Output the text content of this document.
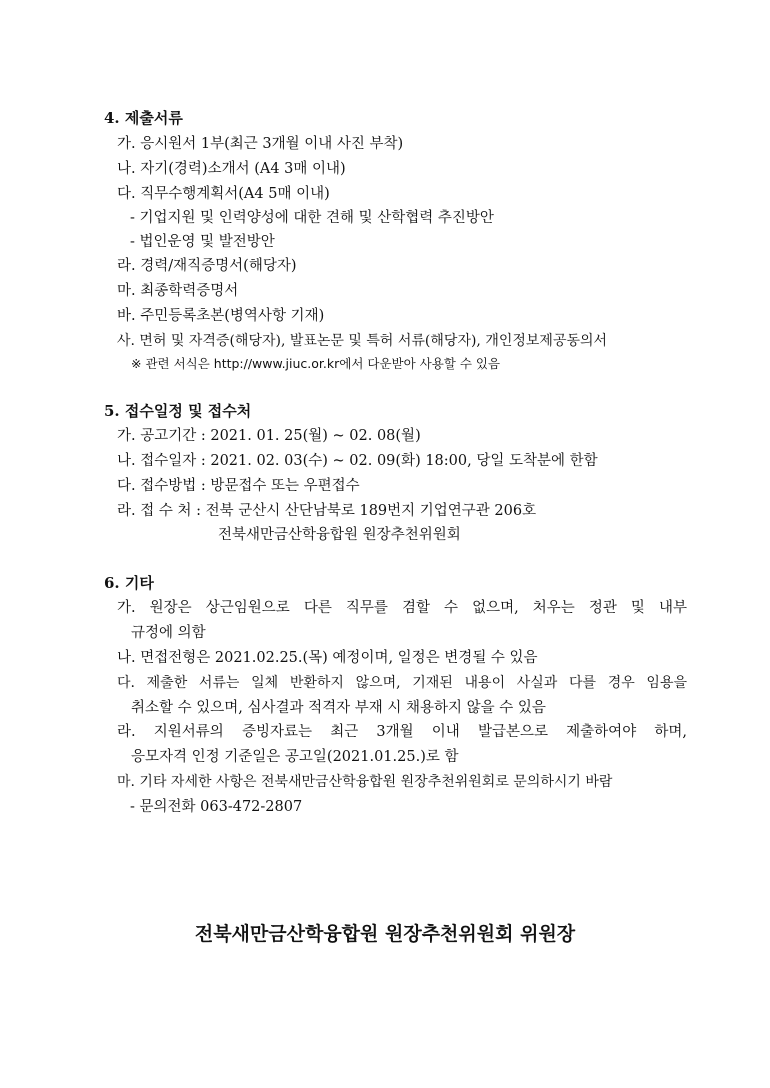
4. 제출서류
가. 응시원서 1부(최근 3개월 이내 사진 부착)
나. 자기(경력)소개서 (A4 3매 이내)
다. 직무수행계획서(A4 5매 이내)
- 기업지원 및 인력양성에 대한 견해 및 산학협력 추진방안
- 법인운영 및 발전방안
라. 경력/재직증명서(해당자)
마. 최종학력증명서
바. 주민등록초본(병역사항 기재)
사. 면허 및 자격증(해당자), 발표논문 및 특허 서류(해당자), 개인정보제공동의서
※ 관련 서식은 http://www.jiuc.or.kr에서 다운받아 사용할 수 있음
5. 접수일정 및 접수처
가. 공고기간 : 2021. 01. 25(월) ~ 02. 08(월)
나. 접수일자 : 2021. 02. 03(수) ~ 02. 09(화) 18:00, 당일 도착분에 한함
다. 접수방법 : 방문접수 또는 우편접수
라. 접 수 처 : 전북 군산시 산단남북로 189번지 기업연구관 206호
전북새만금산학융합원 원장추천위원회
6. 기타
가. 원장은 상근임원으로 다른 직무를 겸할 수 없으며, 처우는 정관 및 내부
규정에 의함
나. 면접전형은 2021.02.25.(목) 예정이며, 일정은 변경될 수 있음
다. 제출한 서류는 일체 반환하지 않으며, 기재된 내용이 사실과 다를 경우 임용을
취소할 수 있으며, 심사결과 적격자 부재 시 채용하지 않을 수 있음
라. 지원서류의 증빙자료는 최근 3개월 이내 발급본으로 제출하여야 하며,
응모자격 인정 기준일은 공고일(2021.01.25.)로 함
마. 기타 자세한 사항은 전북새만금산학융합원 원장추천위원회로 문의하시기 바람
- 문의전화 063-472-2807
전북새만금산학융합원 원장추천위원회 위원장
